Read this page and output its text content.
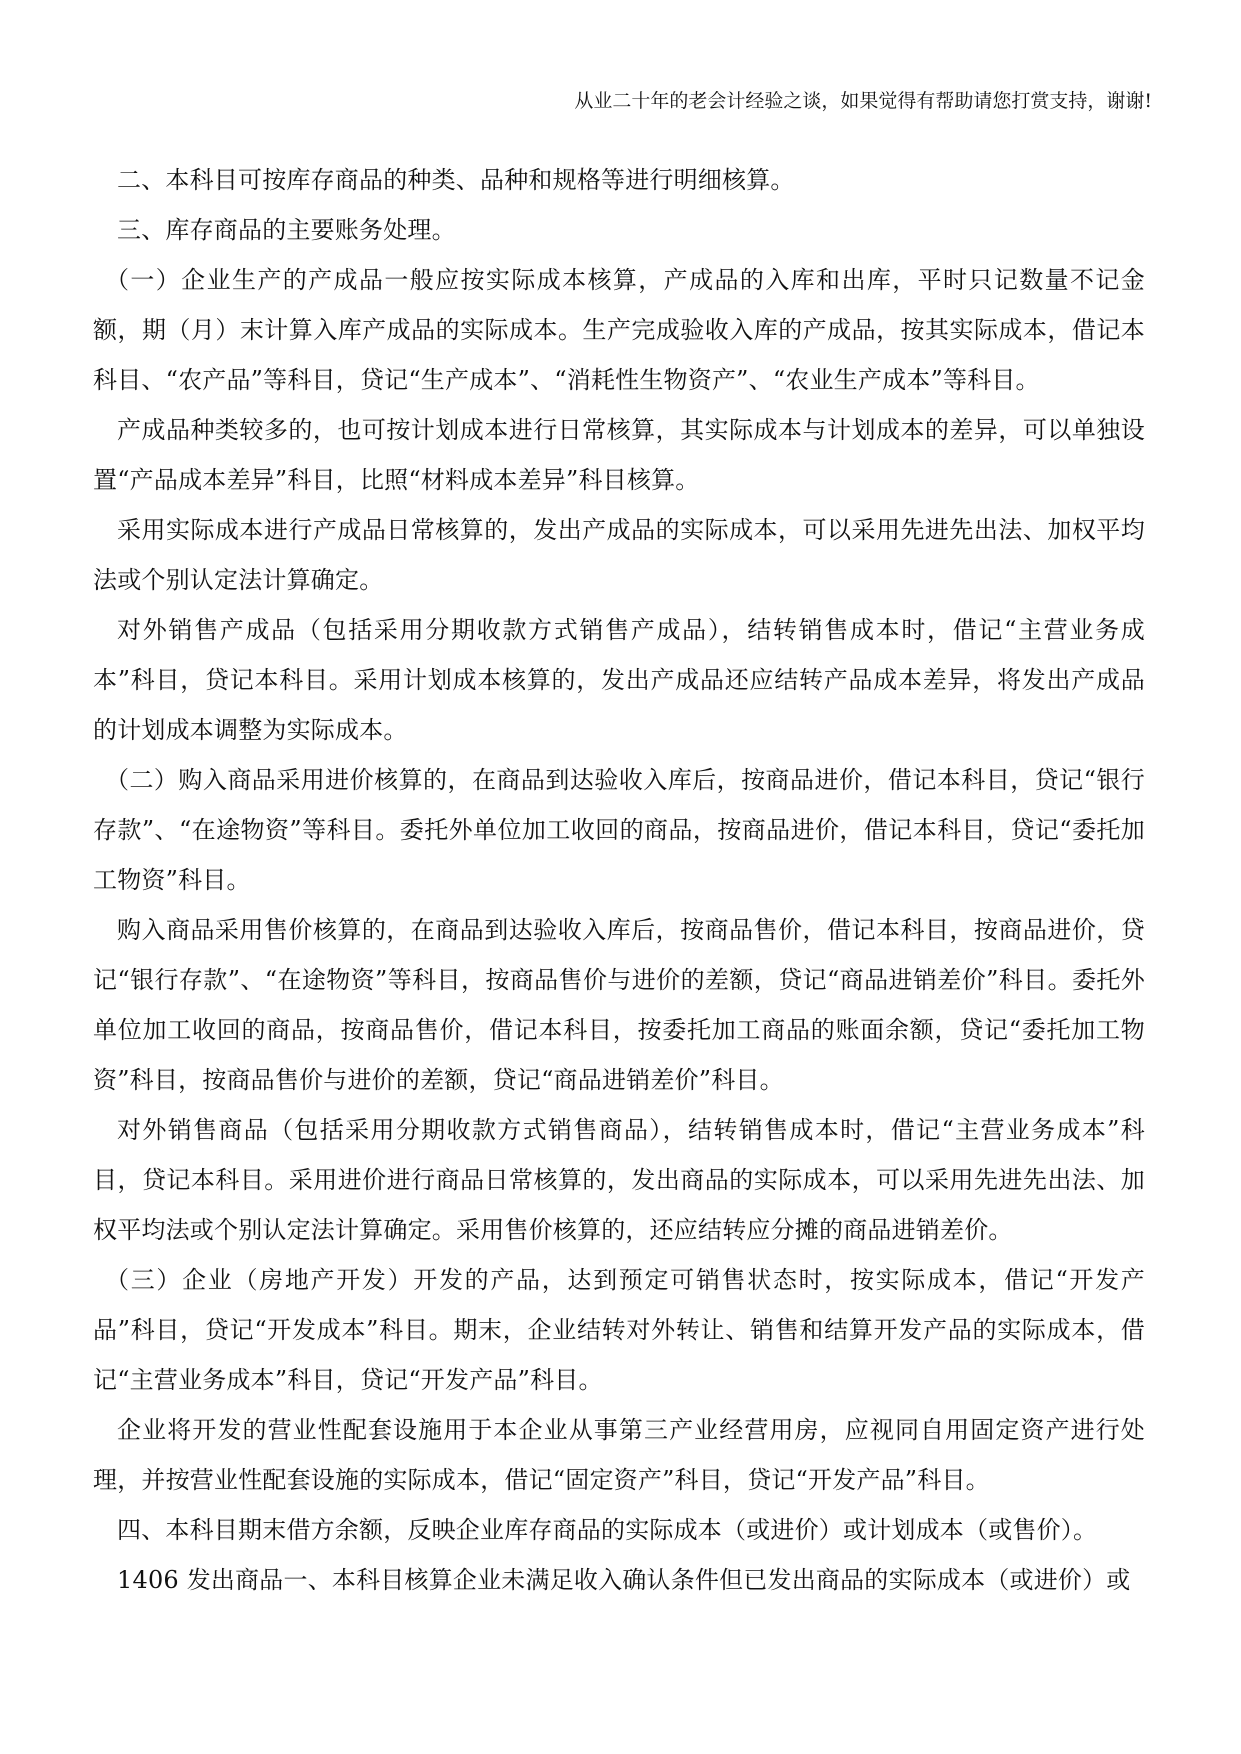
从业二十年的老会计经验之谈，如果觉得有帮助请您打赏支持，谢谢!

二、本科目可按库存商品的种类、品种和规格等进行明细核算。

三、库存商品的主要账务处理。

（一）企业生产的产成品一般应按实际成本核算，产成品的入库和出库，平时只记数量不记金额，期（月）末计算入库产成品的实际成本。生产完成验收入库的产成品，按其实际成本，借记本科目、“农产品”等科目，贷记“生产成本”、“消耗性生物资产”、“农业生产成本”等科目。

产成品种类较多的，也可按计划成本进行日常核算，其实际成本与计划成本的差异，可以单独设置“产品成本差异”科目，比照“材料成本差异”科目核算。

采用实际成本进行产成品日常核算的，发出产成品的实际成本，可以采用先进先出法、加权平均法或个别认定法计算确定。

对外销售产成品（包括采用分期收款方式销售产成品），结转销售成本时，借记“主营业务成本”科目，贷记本科目。采用计划成本核算的，发出产成品还应结转产品成本差异，将发出产成品的计划成本调整为实际成本。

（二）购入商品采用进价核算的，在商品到达验收入库后，按商品进价，借记本科目，贷记“银行存款”、“在途物资”等科目。委托外单位加工收回的商品，按商品进价，借记本科目，贷记“委托加工物资”科目。

购入商品采用售价核算的，在商品到达验收入库后，按商品售价，借记本科目，按商品进价，贷记“银行存款”、“在途物资”等科目，按商品售价与进价的差额，贷记“商品进销差价”科目。委托外单位加工收回的商品，按商品售价，借记本科目，按委托加工商品的账面余额，贷记“委托加工物资”科目，按商品售价与进价的差额，贷记“商品进销差价”科目。

对外销售商品（包括采用分期收款方式销售商品），结转销售成本时，借记“主营业务成本”科目，贷记本科目。采用进价进行商品日常核算的，发出商品的实际成本，可以采用先进先出法、加权平均法或个别认定法计算确定。采用售价核算的，还应结转应分摊的商品进销差价。

（三）企业（房地产开发）开发的产品，达到预定可销售状态时，按实际成本，借记“开发产品”科目，贷记“开发成本”科目。期末，企业结转对外转让、销售和结算开发产品的实际成本，借记“主营业务成本”科目，贷记“开发产品”科目。

企业将开发的营业性配套设施用于本企业从事第三产业经营用房，应视同自用固定资产进行处理，并按营业性配套设施的实际成本，借记“固定资产”科目，贷记“开发产品”科目。

四、本科目期末借方余额，反映企业库存商品的实际成本（或进价）或计划成本（或售价）。

1406 发出商品一、本科目核算企业未满足收入确认条件但已发出商品的实际成本（或进价）或
